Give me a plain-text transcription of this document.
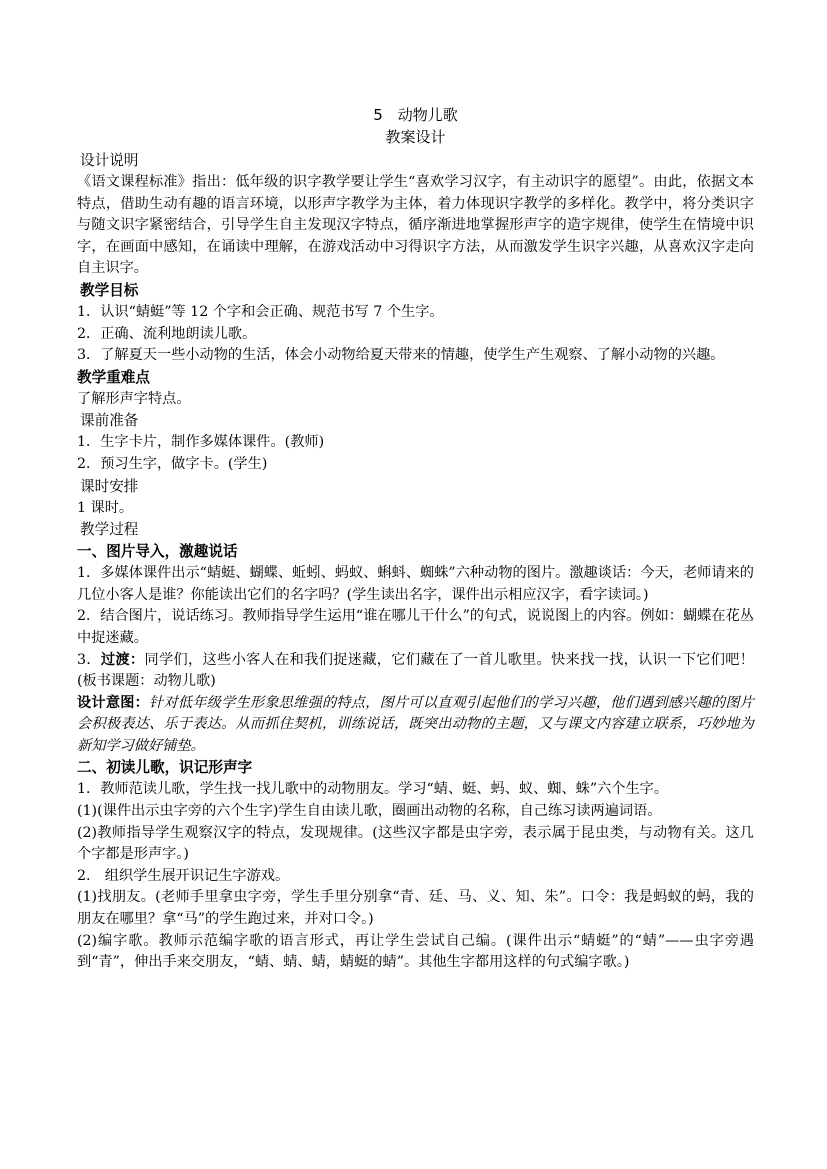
5　动物儿歌
教案设计
设计说明
《语文课程标准》指出：低年级的识字教学要让学生“喜欢学习汉字，有主动识字的愿望”。由此，依据文本特点，借助生动有趣的语言环境，以形声字教学为主体，着力体现识字教学的多样化。教学中，将分类识字与随文识字紧密结合，引导学生自主发现汉字特点，循序渐进地掌握形声字的造字规律，使学生在情境中识字，在画面中感知，在诵读中理解，在游戏活动中习得识字方法，从而激发学生识字兴趣，从喜欢汉字走向自主识字。
教学目标
1．认识“蜻蜓”等 12 个字和会正确、规范书写 7 个生字。
2．正确、流利地朗读儿歌。
3．了解夏天一些小动物的生活，体会小动物给夏天带来的情趣，使学生产生观察、了解小动物的兴趣。
教学重难点
了解形声字特点。
课前准备
1．生字卡片，制作多媒体课件。(教师)
2．预习生字，做字卡。(学生)
课时安排
1 课时。
教学过程
一、图片导入，激趣说话
1．多媒体课件出示“蜻蜓、蝴蝶、蚯蚓、蚂蚁、蝌蚪、蜘蛛”六种动物的图片。激趣谈话：今天，老师请来的几位小客人是谁？你能读出它们的名字吗？(学生读出名字，课件出示相应汉字，看字读词。)
2．结合图片，说话练习。教师指导学生运用“谁在哪儿干什么”的句式，说说图上的内容。例如：蝴蝶在花丛中捉迷藏。
3．过渡：同学们，这些小客人在和我们捉迷藏，它们藏在了一首儿歌里。快来找一找，认识一下它们吧！(板书课题：动物儿歌)
设计意图：针对低年级学生形象思维强的特点，图片可以直观引起他们的学习兴趣，他们遇到感兴趣的图片会积极表达、乐于表达。从而抓住契机，训练说话，既突出动物的主题，又与课文内容建立联系，巧妙地为新知学习做好铺垫。
二、初读儿歌，识记形声字
1．教师范读儿歌，学生找一找儿歌中的动物朋友。学习“蜻、蜓、蚂、蚁、蜘、蛛”六个生字。
(1)(课件出示虫字旁的六个生字)学生自由读儿歌，圈画出动物的名称，自己练习读两遍词语。
(2)教师指导学生观察汉字的特点，发现规律。(这些汉字都是虫字旁，表示属于昆虫类，与动物有关。这几个字都是形声字。)
2.　组织学生展开识记生字游戏。
(1)找朋友。(老师手里拿虫字旁，学生手里分别拿“青、廷、马、义、知、朱”。口令：我是蚂蚁的蚂，我的朋友在哪里？拿“马”的学生跑过来，并对口令。)
(2)编字歌。教师示范编字歌的语言形式，再让学生尝试自己编。(课件出示“蜻蜓”的“蜻”——虫字旁遇到“青”，伸出手来交朋友，“蜻、蜻、蜻，蜻蜓的蜻”。其他生字都用这样的句式编字歌。)
